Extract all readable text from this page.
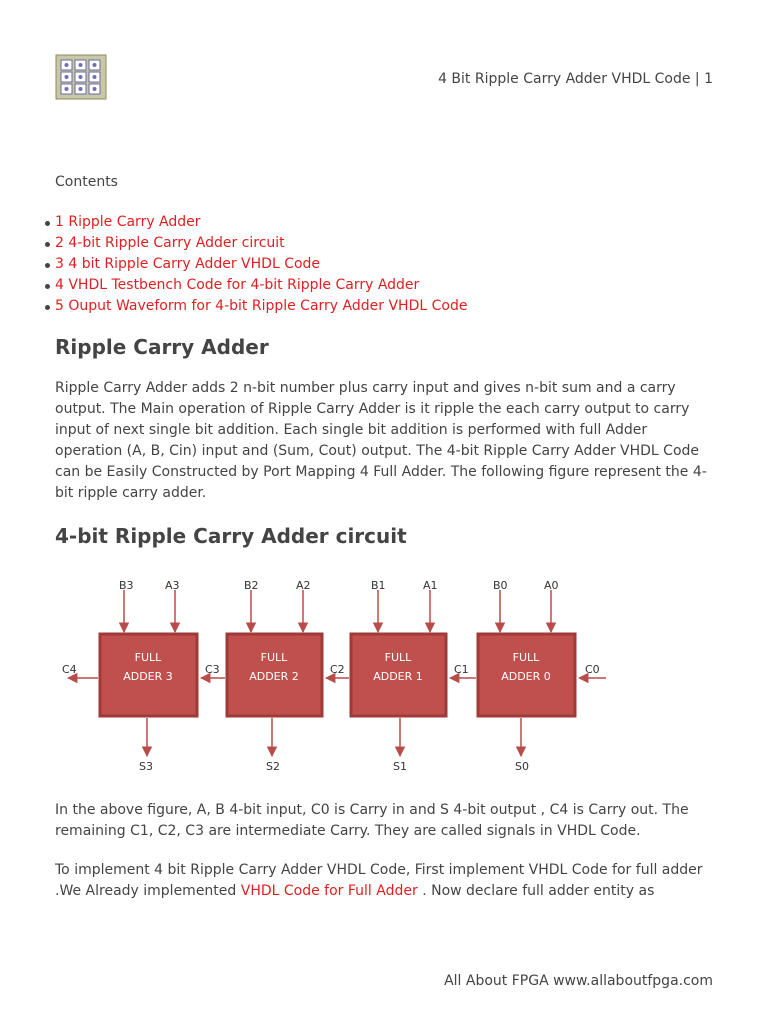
4 Bit Ripple Carry Adder VHDL Code | 1
Contents
1 Ripple Carry Adder
2 4-bit Ripple Carry Adder circuit
3 4 bit Ripple Carry Adder VHDL Code
4 VHDL Testbench Code for 4-bit Ripple Carry Adder
5 Ouput Waveform for 4-bit Ripple Carry Adder VHDL Code
Ripple Carry Adder

Ripple Carry Adder adds 2 n-bit number plus carry input and gives n-bit sum and a carry output. The Main operation of Ripple Carry Adder is it ripple the each carry output to carry input of next single bit addition. Each single bit addition is performed with full Adder operation (A, B, Cin) input and (Sum, Cout) output. The 4-bit Ripple Carry Adder VHDL Code can be Easily Constructed by Port Mapping 4 Full Adder. The following figure represent the 4-bit ripple carry adder.

4-bit Ripple Carry Adder circuit
B3	A3
FULL
ADDER 3
S3
B2	A2
FULL
ADDER 2
S2
B1	A1
FULL
ADDER 1
S1
B0	A0
FULL
ADDER 0
S0
C0
C1
C2
C3
C4

In the above figure, A, B 4-bit input, C0 is Carry in and S 4-bit output , C4 is Carry out. The remaining C1, C2, C3 are intermediate Carry. They are called signals in VHDL Code.

To implement 4 bit Ripple Carry Adder VHDL Code, First implement VHDL Code for full adder .We Already implemented VHDL Code for Full Adder . Now declare full adder entity as

All About FPGA www.allaboutfpga.com
